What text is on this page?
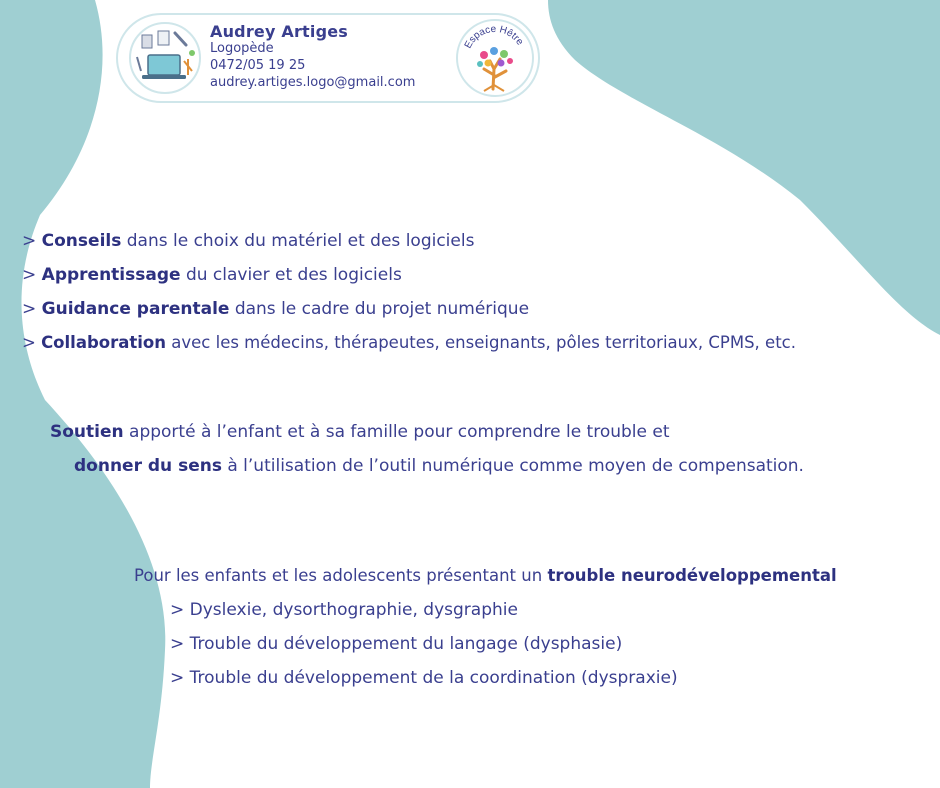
Audrey Artiges
Logopède
0472/05 19 25
audrey.artiges.logo@gmail.com
Espace Hêtre
> Conseils dans le choix du matériel et des logiciels
> Apprentissage du clavier et des logiciels
> Guidance parentale dans le cadre du projet numérique
> Collaboration avec les médecins, thérapeutes, enseignants, pôles territoriaux, CPMS, etc.
Soutien apporté à l’enfant et à sa famille pour comprendre le trouble et
donner du sens à l’utilisation de l’outil numérique comme moyen de compensation.
Pour les enfants et les adolescents présentant un trouble neurodéveloppemental
> Dyslexie, dysorthographie, dysgraphie
> Trouble du développement du langage (dysphasie)
> Trouble du développement de la coordination (dyspraxie)
